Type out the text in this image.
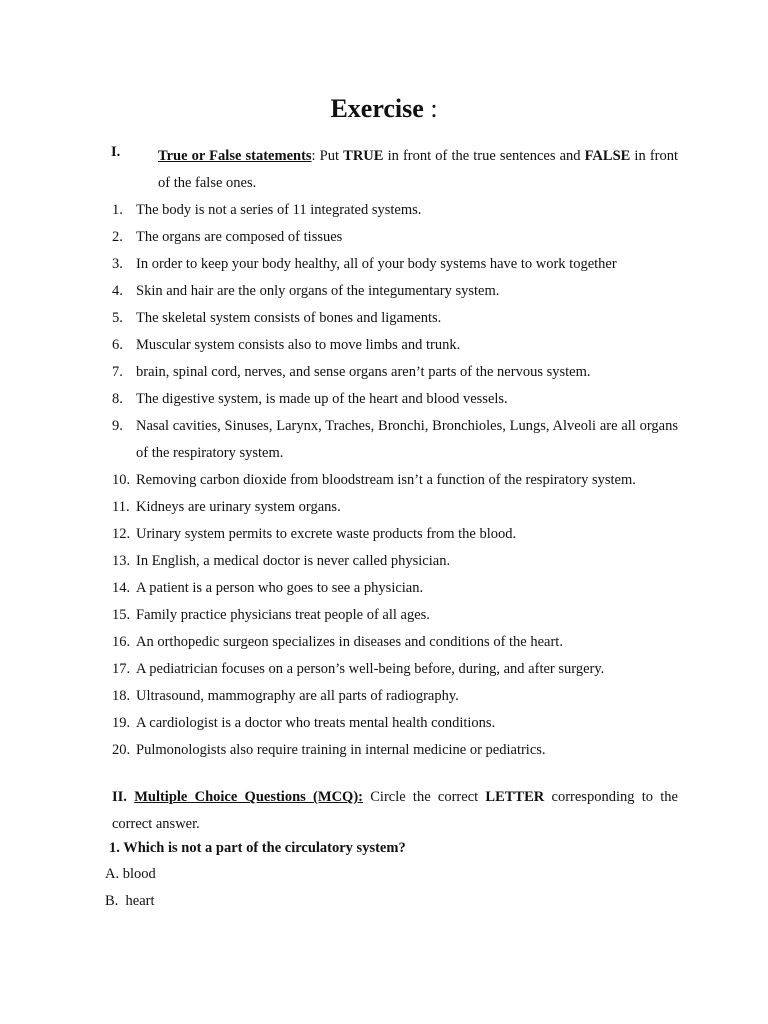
Exercise :
I.	True or False statements: Put TRUE in front of the true sentences and FALSE in front of the false ones.
1. The body is not a series of 11 integrated systems.
2. The organs are composed of tissues
3. In order to keep your body healthy, all of your body systems have to work together
4. Skin and hair are the only organs of the integumentary system.
5. The skeletal system consists of bones and ligaments.
6. Muscular system consists also to move limbs and trunk.
7. brain, spinal cord, nerves, and sense organs aren’t parts of the nervous system.
8. The digestive system, is made up of the heart and blood vessels.
9. Nasal cavities, Sinuses, Larynx, Traches, Bronchi, Bronchioles, Lungs, Alveoli are all organs of the respiratory system.
10. Removing carbon dioxide from bloodstream isn’t a function of the respiratory system.
11. Kidneys are urinary system organs.
12. Urinary system permits to excrete waste products from the blood.
13. In English, a medical doctor is never called physician.
14. A patient is a person who goes to see a physician.
15. Family practice physicians treat people of all ages.
16. An orthopedic surgeon specializes in diseases and conditions of the heart.
17. A pediatrician focuses on a person’s well-being before, during, and after surgery.
18. Ultrasound, mammography are all parts of radiography.
19. A cardiologist is a doctor who treats mental health conditions.
20. Pulmonologists also require training in internal medicine or pediatrics.
II. Multiple Choice Questions (MCQ): Circle the correct LETTER corresponding to the correct answer.
1. Which is not a part of the circulatory system?
A. blood
B. heart
